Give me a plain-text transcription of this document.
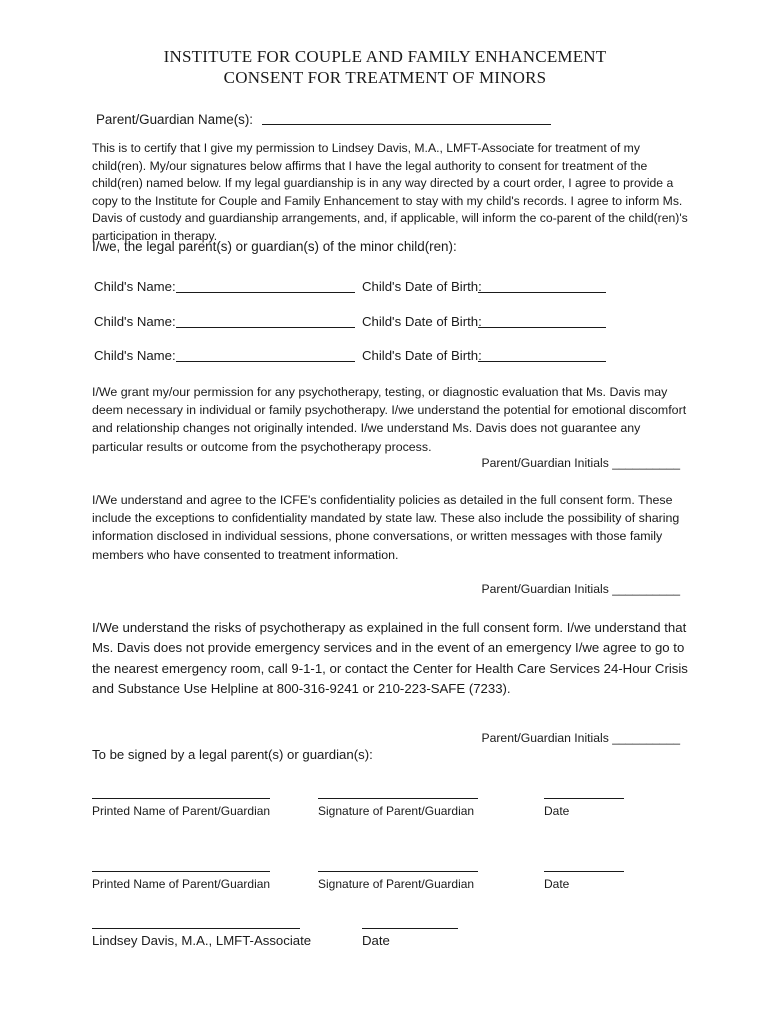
INSTITUTE FOR COUPLE AND FAMILY ENHANCEMENT
CONSENT FOR TREATMENT OF MINORS
Parent/Guardian Name(s):
This is to certify that I give my permission to Lindsey Davis, M.A., LMFT-Associate for treatment of my child(ren). My/our signatures below affirms that I have the legal authority to consent for treatment of the child(ren) named below. If my legal guardianship is in any way directed by a court order, I agree to provide a copy to the Institute for Couple and Family Enhancement to stay with my child's records. I agree to inform Ms. Davis of custody and guardianship arrangements, and, if applicable, will inform the co-parent of the child(ren)'s participation in therapy.
I/we, the legal parent(s) or guardian(s) of the minor child(ren):
Child's Name:	Child's Date of Birth:
Child's Name:	Child's Date of Birth:
Child's Name:	Child's Date of Birth:
I/We grant my/our permission for any psychotherapy, testing, or diagnostic evaluation that Ms. Davis may deem necessary in individual or family psychotherapy. I/we understand the potential for emotional discomfort and relationship changes not originally intended. I/we understand Ms. Davis does not guarantee any particular results or outcome from the psychotherapy process.
Parent/Guardian Initials __________
I/We understand and agree to the ICFE's confidentiality policies as detailed in the full consent form. These include the exceptions to confidentiality mandated by state law. These also include the possibility of sharing information disclosed in individual sessions, phone conversations, or written messages with those family members who have consented to treatment information.
Parent/Guardian Initials __________
I/We understand the risks of psychotherapy as explained in the full consent form. I/we understand that Ms. Davis does not provide emergency services and in the event of an emergency I/we agree to go to the nearest emergency room, call 9-1-1, or contact the Center for Health Care Services 24-Hour Crisis and Substance Use Helpline at 800-316-9241 or 210-223-SAFE (7233).
Parent/Guardian Initials __________
To be signed by a legal parent(s) or guardian(s):
Printed Name of Parent/Guardian	Signature of Parent/Guardian	Date
Printed Name of Parent/Guardian	Signature of Parent/Guardian	Date
Lindsey Davis, M.A., LMFT-Associate	Date
